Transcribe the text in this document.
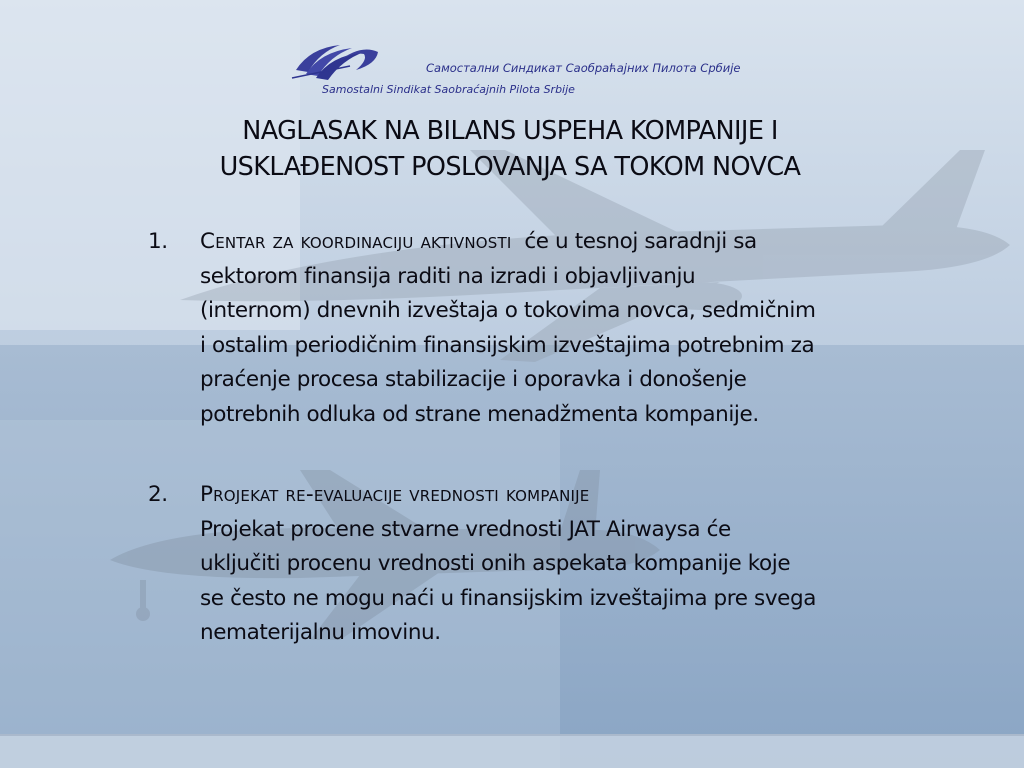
Самостални Синдикат Саобраћајних Пилота Србије
Samostalni Sindikat Saobraćajnih Pilota Srbije
NAGLASAK NA BILANS USPEHA KOMPANIJE I
USKLAĐENOST POSLOVANJA SA TOKOM NOVCA
1.	Centar za koordinaciju aktivnosti će u tesnoj saradnji sa
sektorom finansija raditi na izradi i objavljivanju
(internom) dnevnih izveštaja o tokovima novca, sedmičnim
i ostalim periodičnim finansijskim izveštajima potrebnim za
praćenje procesa stabilizacije i oporavka i donošenje
potrebnih odluka od strane menadžmenta kompanije.
2.	Projekat re-evaluacije vrednosti kompanije
Projekat procene stvarne vrednosti JAT Airwaysa će
uključiti procenu vrednosti onih aspekata kompanije koje
se često ne mogu naći u finansijskim izveštajima pre svega
nematerijalnu imovinu.
